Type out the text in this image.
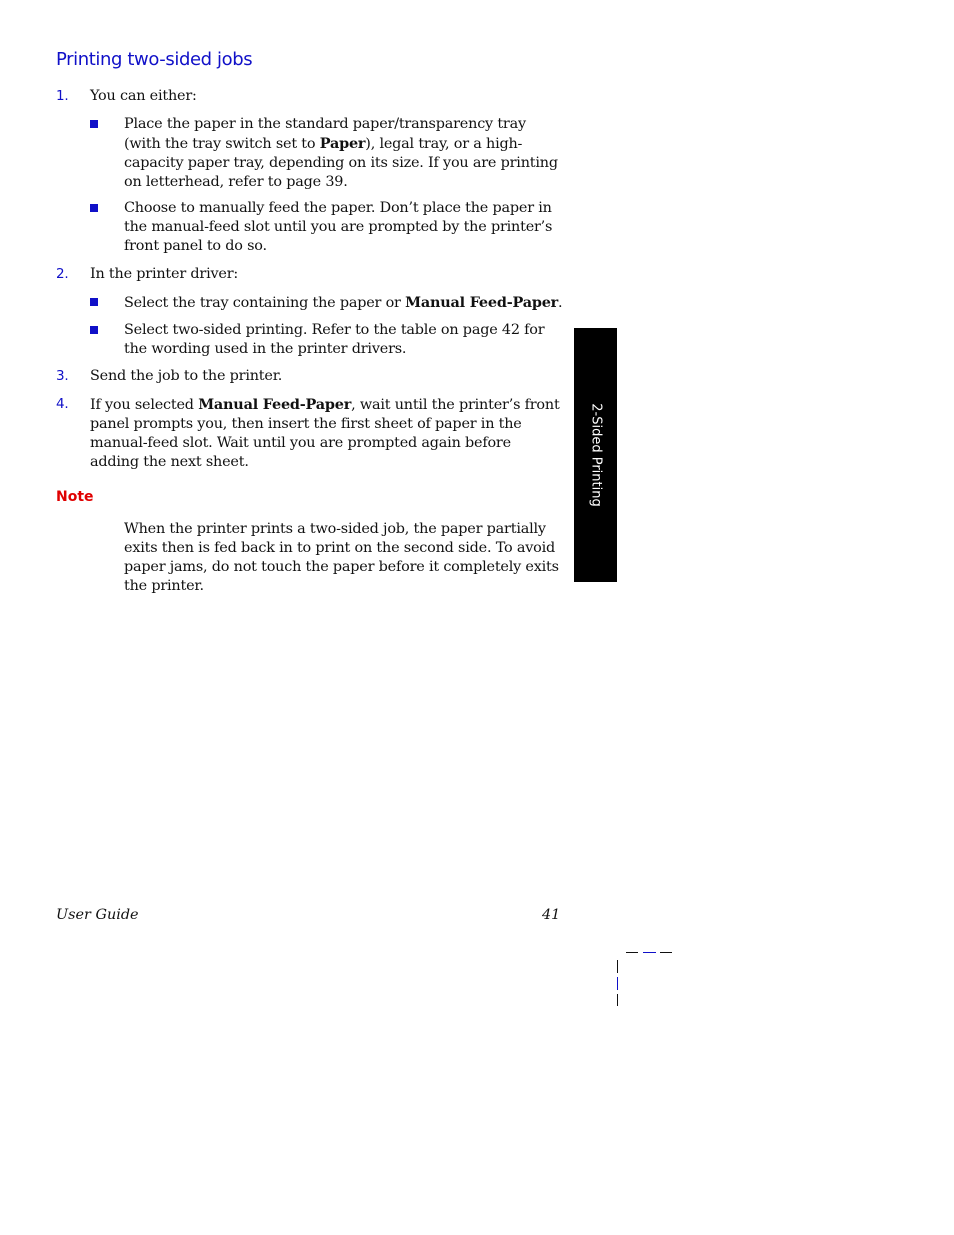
Printing two-sided jobs
1. You can either:
Place the paper in the standard paper/transparency tray (with the tray switch set to Paper), legal tray, or a high-capacity paper tray, depending on its size. If you are printing on letterhead, refer to page 39.
Choose to manually feed the paper. Don’t place the paper in the manual-feed slot until you are prompted by the printer’s front panel to do so.
2. In the printer driver:
Select the tray containing the paper or Manual Feed-Paper.
Select two-sided printing. Refer to the table on page 42 for the wording used in the printer drivers.
3. Send the job to the printer.
4. If you selected Manual Feed-Paper, wait until the printer’s front panel prompts you, then insert the first sheet of paper in the manual-feed slot. Wait until you are prompted again before adding the next sheet.
Note
When the printer prints a two-sided job, the paper partially exits then is fed back in to print on the second side. To avoid paper jams, do not touch the paper before it completely exits the printer.
2-Sided Printing
User Guide	41
